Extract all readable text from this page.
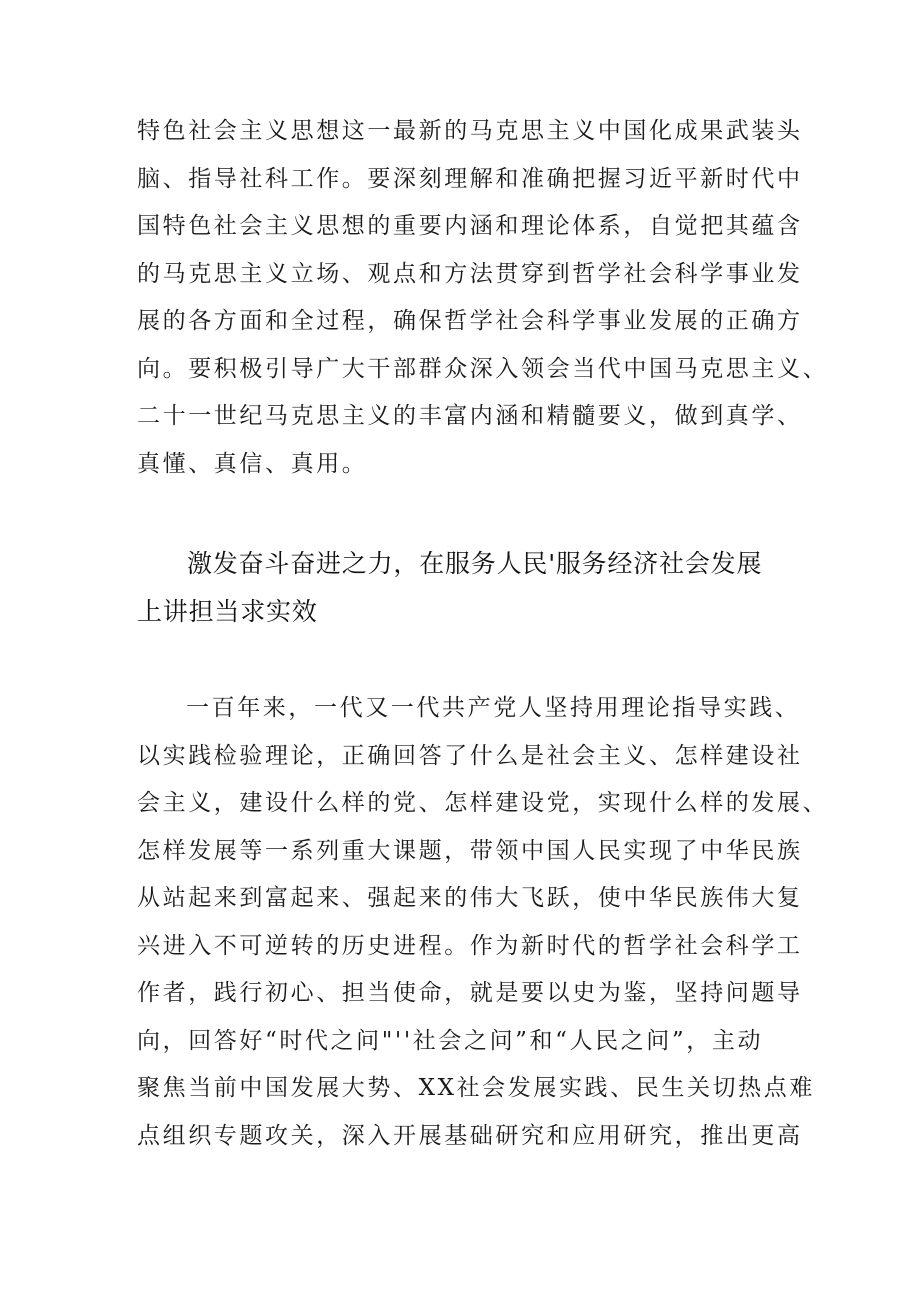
特色社会主义思想这一最新的马克思主义中国化成果武装头
脑、指导社科工作。要深刻理解和准确把握习近平新时代中
国特色社会主义思想的重要内涵和理论体系，自觉把其蕴含
的马克思主义立场、观点和方法贯穿到哲学社会科学事业发
展的各方面和全过程，确保哲学社会科学事业发展的正确方
向。要积极引导广大干部群众深入领会当代中国马克思主义、
二十一世纪马克思主义的丰富内涵和精髓要义，做到真学、
真懂、真信、真用。
激发奋斗奋进之力，在服务人民'服务经济社会发展
上讲担当求实效
一百年来，一代又一代共产党人坚持用理论指导实践、
以实践检验理论，正确回答了什么是社会主义、怎样建设社
会主义，建设什么样的党、怎样建设党，实现什么样的发展、
怎样发展等一系列重大课题，带领中国人民实现了中华民族
从站起来到富起来、强起来的伟大飞跃，使中华民族伟大复
兴进入不可逆转的历史进程。作为新时代的哲学社会科学工
作者，践行初心、担当使命，就是要以史为鉴，坚持问题导
向，回答好“时代之问"''社会之问”和“人民之问”，主动
聚焦当前中国发展大势、XX社会发展实践、民生关切热点难
点组织专题攻关，深入开展基础研究和应用研究，推出更高
